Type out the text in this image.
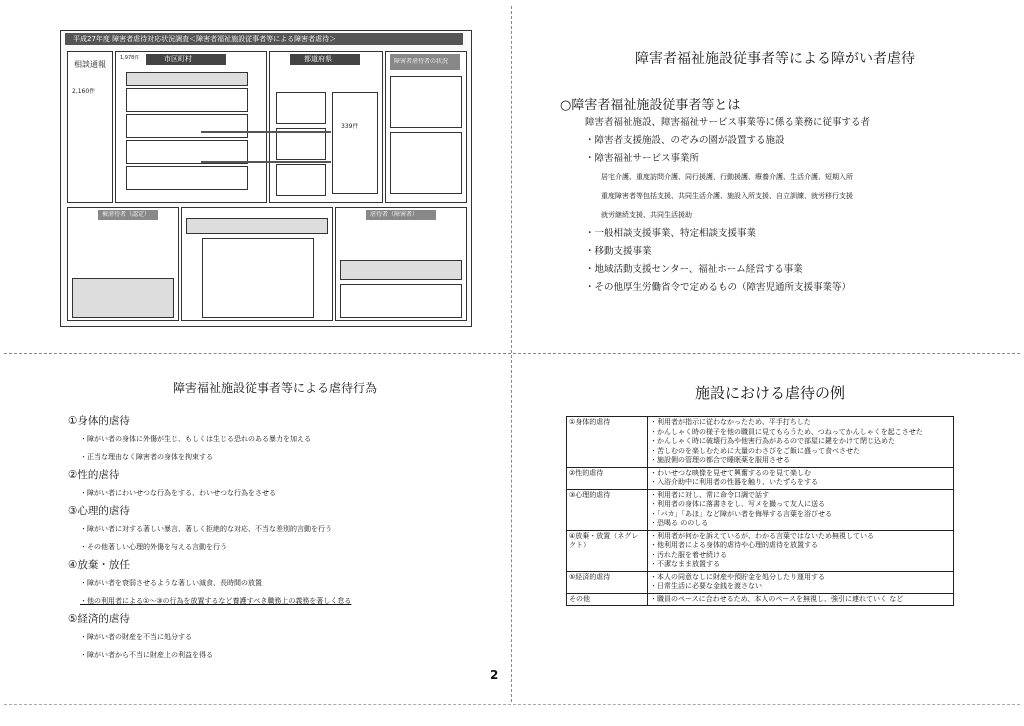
平成27年度 障害者虐待対応状況調査＜障害者福祉施設従事者等による障害者虐待＞
相談通報
2,160件
市区町村
1,978件	都道府県
339件
障害者虐待者の状況
被虐待者（認定）	虐待者（障害者）
障害者福祉施設従事者等による障がい者虐待
○障害者福祉施設従事者等とは
障害者福祉施設、障害福祉サービス事業等に係る業務に従事する者
・障害者支援施設、のぞみの園が設置する施設
・障害福祉サービス事業所
居宅介護、重度訪問介護、同行援護、行動援護、療養介護、生活介護、短期入所
重度障害者等包括支援、共同生活介護、施設入所支援、自立訓練、就労移行支援
就労継続支援、共同生活援助
・一般相談支援事業、特定相談支援事業
・移動支援事業
・地域活動支援センター、福祉ホーム経営する事業
・その他厚生労働省令で定めるもの（障害児通所支援事業等）
障害福祉施設従事者等による虐待行為
①身体的虐待
・障がい者の身体に外傷が生じ、もしくは生じる恐れのある暴力を加える
・正当な理由なく障害者の身体を拘束する
②性的虐待
・障がい者にわいせつな行為をする、わいせつな行為をさせる
③心理的虐待
・障がい者に対する著しい暴言、著しく拒絶的な対応、不当な差別的言動を行う
・その他著しい心理的外傷を与える言動を行う
④放棄・放任
・障がい者を衰弱させるような著しい減食、長時間の放置
・他の利用者による①～③の行為を放置するなど養護すべき職務上の義務を著しく怠る
⑤経済的虐待
・障がい者の財産を不当に処分する
・障がい者から不当に財産上の利益を得る
2
施設における虐待の例
①身体的虐待	・利用者が指示に従わなかったため、平手打ちした
・かんしゃく時の様子を他の職員に見てもらうため、つねってかんしゃくを起こさせた
・かんしゃく時に破壊行為や他害行為があるので部屋に鍵をかけて閉じ込めた
・苦しむのを楽しむために大量のわさびをご飯に盛って食べさせた
・施設側の管理の都合で睡眠薬を服用させる
②性的虐待	・わいせつな映像を見せて興奮するのを見て楽しむ
・入浴介助中に利用者の性器を触り、いたずらをする
③心理的虐待	・利用者に対し、常に命令口調で話す
・利用者の身体に落書きをし、写メを撮って友人に送る
・「バカ」「あほ」など障がい者を侮辱する言葉を浴びせる
・恐喝る ののしる
④放棄・放置（ネグレクト）	・利用者が何かを訴えているが、わかる言葉ではないため無視している
・他利用者による身体的虐待や心理的虐待を放置する
・汚れた服を着せ続ける
・不潔なまま放置する
⑤経済的虐待	・本人の同意なしに財産や預貯金を処分したり運用する
・日常生活に必要な金銭を渡さない
その他	・職員のペースに合わせるため、本人のペースを無視し、強引に連れていく など
